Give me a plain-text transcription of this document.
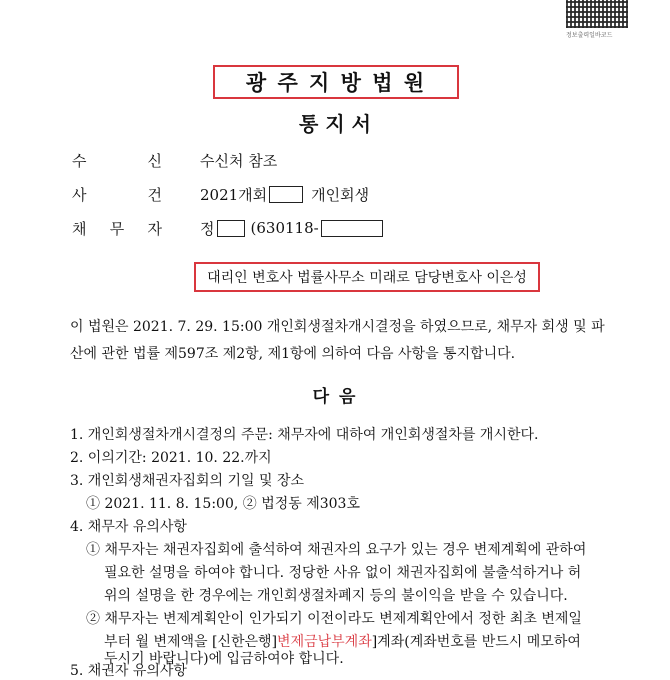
정보출력일바코드
광 주 지 방 법 원
통 지 서
수	신	수신처 참조
사	건	2021개회	개인회생
채 무 자	정 (630118-
대리인 변호사 법률사무소 미래로 담당변호사 이은성
이 법원은 2021. 7. 29. 15:00 개인회생절차개시결정을 하였으므로, 채무자 회생 및 파
산에 관한 법률 제597조 제2항, 제1항에 의하여 다음 사항을 통지합니다.
다 음
1. 개인회생절차개시결정의 주문: 채무자에 대하여 개인회생절차를 개시한다.
2. 이의기간: 2021. 10. 22.까지
3. 개인회생채권자집회의 기일 및 장소
① 2021. 11. 8. 15:00, ② 법정동 제303호
4. 채무자 유의사항
① 채무자는 채권자집회에 출석하여 채권자의 요구가 있는 경우 변제계획에 관하여
필요한 설명을 하여야 합니다. 정당한 사유 없이 채권자집회에 불출석하거나 허
위의 설명을 한 경우에는 개인회생절차폐지 등의 불이익을 받을 수 있습니다.
② 채무자는 변제계획안이 인가되기 이전이라도 변제계획안에서 정한 최초 변제일
부터 월 변제액을 [신한은행]변제금납부계좌]계좌(계좌번호를 반드시 메모하여
두시기 바랍니다)에 입금하여야 합니다.
5. 채권자 유의사항
